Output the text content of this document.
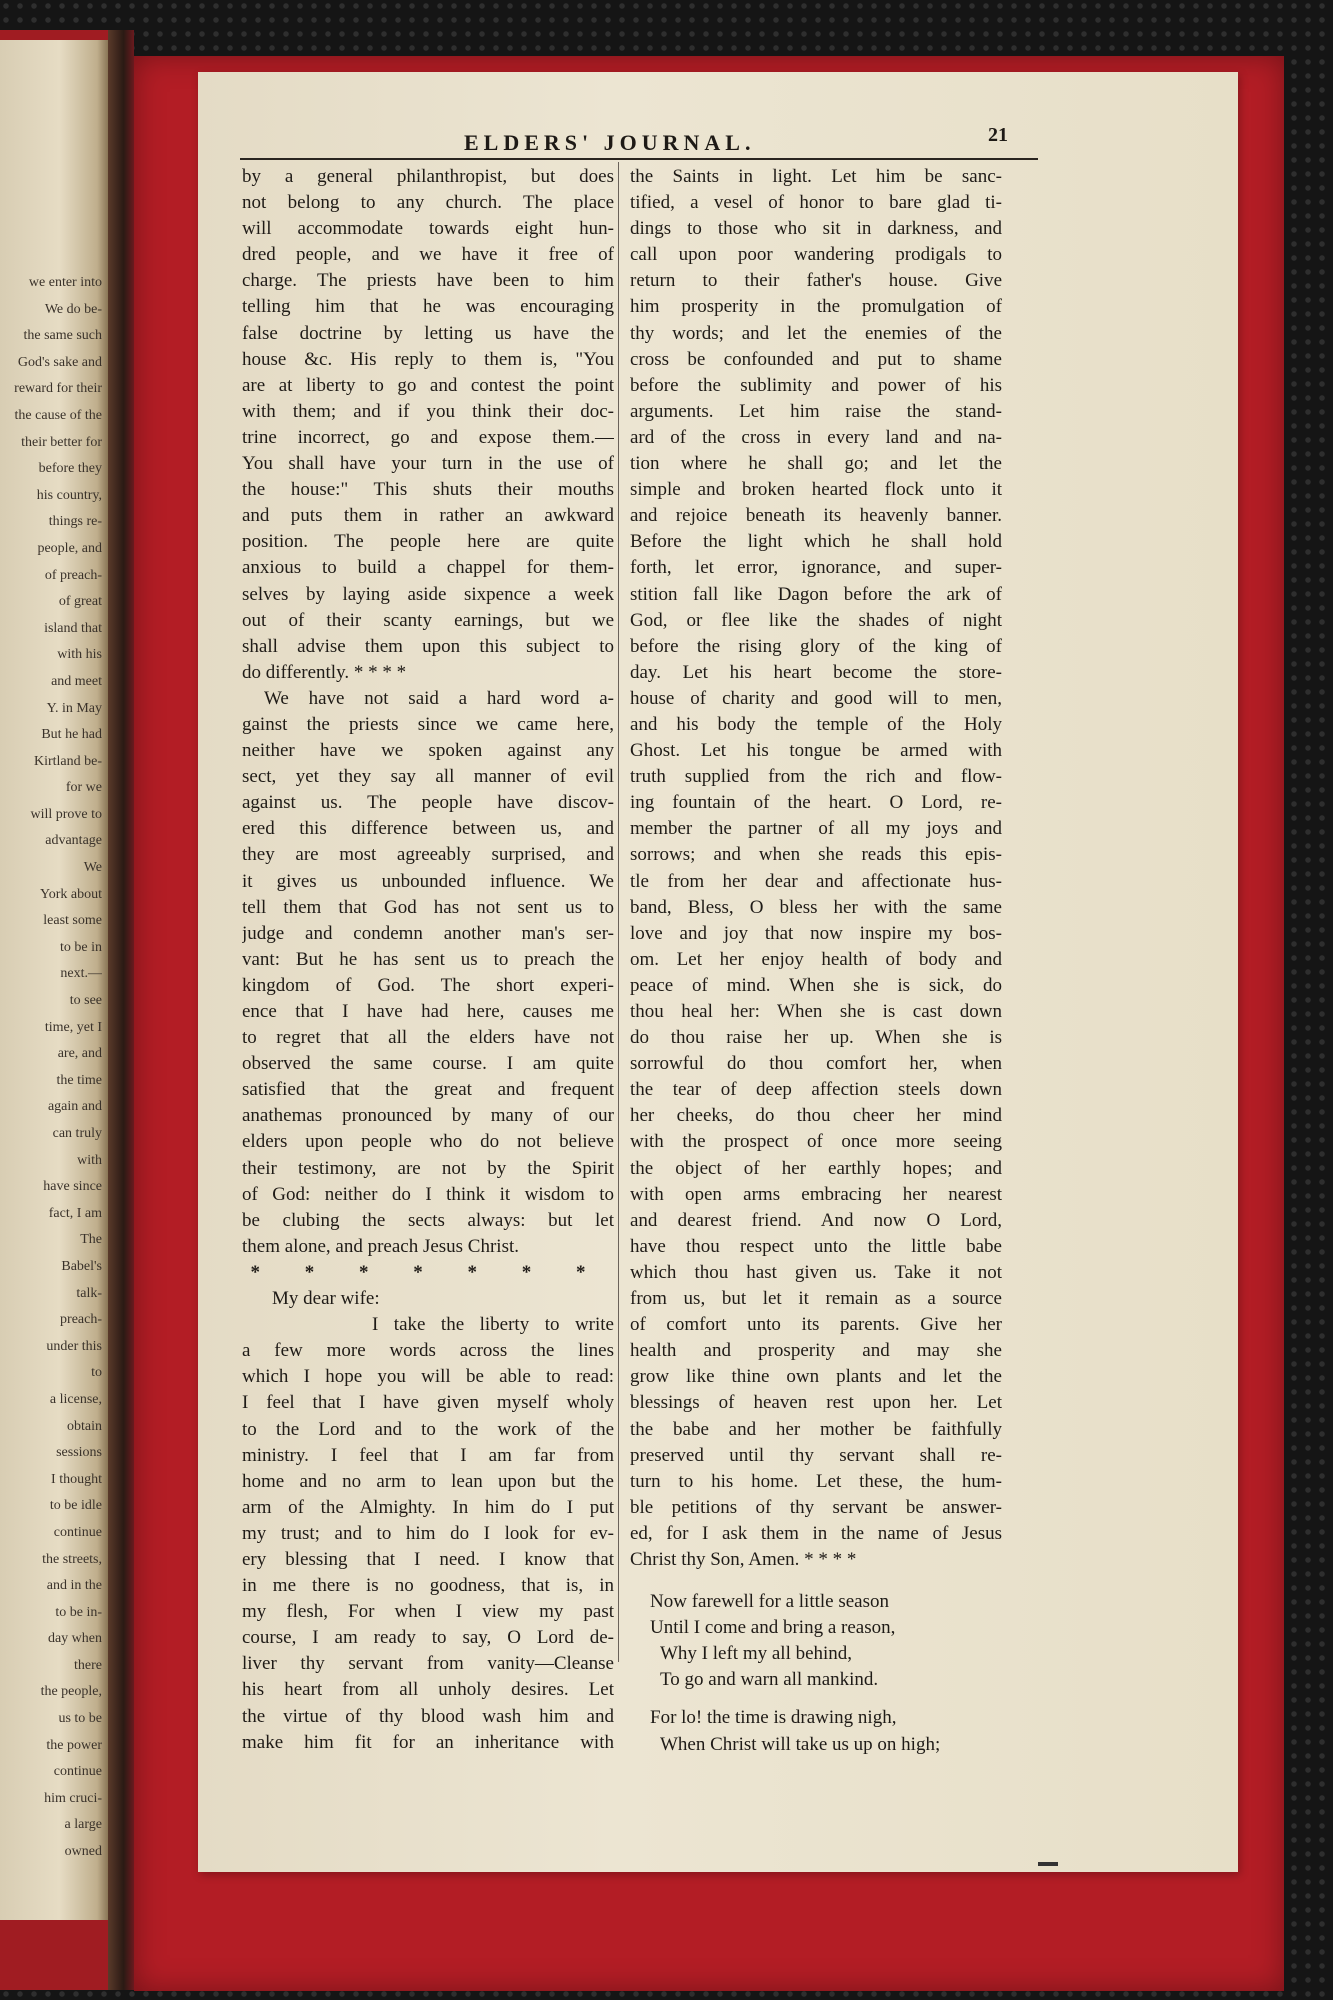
we enter into
We do be-
the same such
God's sake and
reward for their
the cause of the
their better for
before they
his country,
things re-
people, and
of preach-
of great
island that
with his
and meet
Y. in May
But he had
Kirtland be-
for we
will prove to
advantage
We
York about
least some
to be in
next.—
to see
time, yet I
are, and
the time
again and
can truly
with
have since
fact, I am
The
Babel's
talk-
preach-
under this
to
a license,
obtain
sessions
I thought
to be idle
continue
the streets,
and in the
to be in-
day when
there
the people,
us to be
the power
continue
him cruci-
a large
owned
ELDERS' JOURNAL.	21
by a general philanthropist, but does
not belong to any church. The place
will accommodate towards eight hun-
dred people, and we have it free of
charge. The priests have been to him
telling him that he was encouraging
false doctrine by letting us have the
house &c. His reply to them is, "You
are at liberty to go and contest the point
with them; and if you think their doc-
trine incorrect, go and expose them.—
You shall have your turn in the use of
the house:" This shuts their mouths
and puts them in rather an awkward
position. The people here are quite
anxious to build a chappel for them-
selves by laying aside sixpence a week
out of their scanty earnings, but we
shall advise them upon this subject to
do differently. * * * *
We have not said a hard word a-
gainst the priests since we came here,
neither have we spoken against any
sect, yet they say all manner of evil
against us. The people have discov-
ered this difference between us, and
they are most agreeably surprised, and
it gives us unbounded influence. We
tell them that God has not sent us to
judge and condemn another man's ser-
vant: But he has sent us to preach the
kingdom of God. The short experi-
ence that I have had here, causes me
to regret that all the elders have not
observed the same course. I am quite
satisfied that the great and frequent
anathemas pronounced by many of our
elders upon people who do not believe
their testimony, are not by the Spirit
of God: neither do I think it wisdom to
be clubing the sects always: but let
them alone, and preach Jesus Christ.
* * * * * * *
My dear wife:
I take the liberty to write
a few more words across the lines
which I hope you will be able to read:
I feel that I have given myself wholy
to the Lord and to the work of the
ministry. I feel that I am far from
home and no arm to lean upon but the
arm of the Almighty. In him do I put
my trust; and to him do I look for ev-
ery blessing that I need. I know that
in me there is no goodness, that is, in
my flesh, For when I view my past
course, I am ready to say, O Lord de-
liver thy servant from vanity—Cleanse
his heart from all unholy desires. Let
the virtue of thy blood wash him and
make him fit for an inheritance with
the Saints in light. Let him be sanc-
tified, a vesel of honor to bare glad ti-
dings to those who sit in darkness, and
call upon poor wandering prodigals to
return to their father's house. Give
him prosperity in the promulgation of
thy words; and let the enemies of the
cross be confounded and put to shame
before the sublimity and power of his
arguments. Let him raise the stand-
ard of the cross in every land and na-
tion where he shall go; and let the
simple and broken hearted flock unto it
and rejoice beneath its heavenly banner.
Before the light which he shall hold
forth, let error, ignorance, and super-
stition fall like Dagon before the ark of
God, or flee like the shades of night
before the rising glory of the king of
day. Let his heart become the store-
house of charity and good will to men,
and his body the temple of the Holy
Ghost. Let his tongue be armed with
truth supplied from the rich and flow-
ing fountain of the heart. O Lord, re-
member the partner of all my joys and
sorrows; and when she reads this epis-
tle from her dear and affectionate hus-
band, Bless, O bless her with the same
love and joy that now inspire my bos-
om. Let her enjoy health of body and
peace of mind. When she is sick, do
thou heal her: When she is cast down
do thou raise her up. When she is
sorrowful do thou comfort her, when
the tear of deep affection steels down
her cheeks, do thou cheer her mind
with the prospect of once more seeing
the object of her earthly hopes; and
with open arms embracing her nearest
and dearest friend. And now O Lord,
have thou respect unto the little babe
which thou hast given us. Take it not
from us, but let it remain as a source
of comfort unto its parents. Give her
health and prosperity and may she
grow like thine own plants and let the
blessings of heaven rest upon her. Let
the babe and her mother be faithfully
preserved until thy servant shall re-
turn to his home. Let these, the hum-
ble petitions of thy servant be answer-
ed, for I ask them in the name of Jesus
Christ thy Son, Amen. * * * *
Now farewell for a little season
Until I come and bring a reason,
Why I left my all behind,
To go and warn all mankind.
For lo! the time is drawing nigh,
When Christ will take us up on high;
